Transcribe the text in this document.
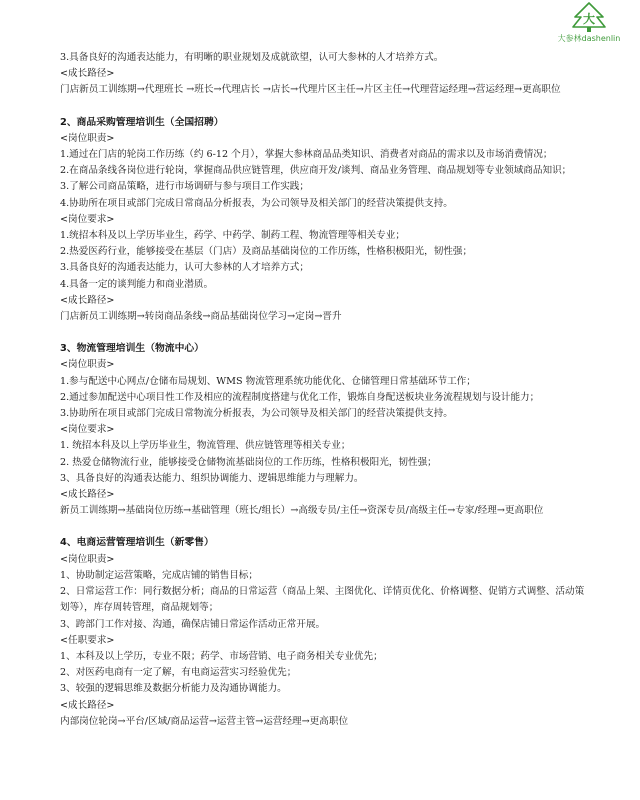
大
大参林dashenlin
3.具备良好的沟通表达能力，有明晰的职业规划及成就欲望，认可大参林的人才培养方式。
<成长路径>
门店新员工训练期→代理班长 →班长→代理店长 →店长→代理片区主任→片区主任→代理营运经理→营运经理→更高职位
2、商品采购管理培训生（全国招聘）
<岗位职责>
1.通过在门店的轮岗工作历练（约 6-12 个月），掌握大参林商品品类知识、消费者对商品的需求以及市场消费情况；
2.在商品条线各岗位进行轮岗，掌握商品供应链管理，供应商开发/谈判、商品业务管理、商品规划等专业领域商品知识；
3.了解公司商品策略，进行市场调研与参与项目工作实践；
4.协助所在项目或部门完成日常商品分析报表，为公司领导及相关部门的经营决策提供支持。
<岗位要求>
1.统招本科及以上学历毕业生，药学、中药学、制药工程、物流管理等相关专业；
2.热爱医药行业，能够接受在基层（门店）及商品基础岗位的工作历练，性格积极阳光，韧性强；
3.具备良好的沟通表达能力，认可大参林的人才培养方式；
4.具备一定的谈判能力和商业潜质。
<成长路径>
门店新员工训练期→转岗商品条线→商品基础岗位学习→定岗→晋升
3、物流管理培训生（物流中心）
<岗位职责>
1.参与配送中心网点/仓储布局规划、WMS 物流管理系统功能优化、仓储管理日常基础环节工作；
2.通过参加配送中心项目性工作及相应的流程制度搭建与优化工作，锻炼自身配送板块业务流程规划与设计能力；
3.协助所在项目或部门完成日常物流分析报表，为公司领导及相关部门的经营决策提供支持。
<岗位要求>
1. 统招本科及以上学历毕业生，物流管理、供应链管理等相关专业；
2. 热爱仓储物流行业，能够接受仓储物流基础岗位的工作历练，性格积极阳光，韧性强；
3、具备良好的沟通表达能力、组织协调能力、逻辑思维能力与理解力。
<成长路径>
新员工训练期→基础岗位历练→基础管理（班长/组长）→高级专员/主任→资深专员/高级主任→专家/经理→更高职位
4、电商运营管理培训生（新零售）
<岗位职责>
1、协助制定运营策略，完成店铺的销售目标；
2、日常运营工作：同行数据分析；商品的日常运营（商品上架、主图优化、详情页优化、价格调整、促销方式调整、活动策划等），库存周转管理，商品规划等；
3、跨部门工作对接、沟通，确保店铺日常运作活动正常开展。
<任职要求>
1、本科及以上学历，专业不限；药学、市场营销、电子商务相关专业优先；
2、对医药电商有一定了解，有电商运营实习经验优先；
3、较强的逻辑思维及数据分析能力及沟通协调能力。
<成长路径>
内部岗位轮岗→平台/区域/商品运营→运营主管→运营经理→更高职位
